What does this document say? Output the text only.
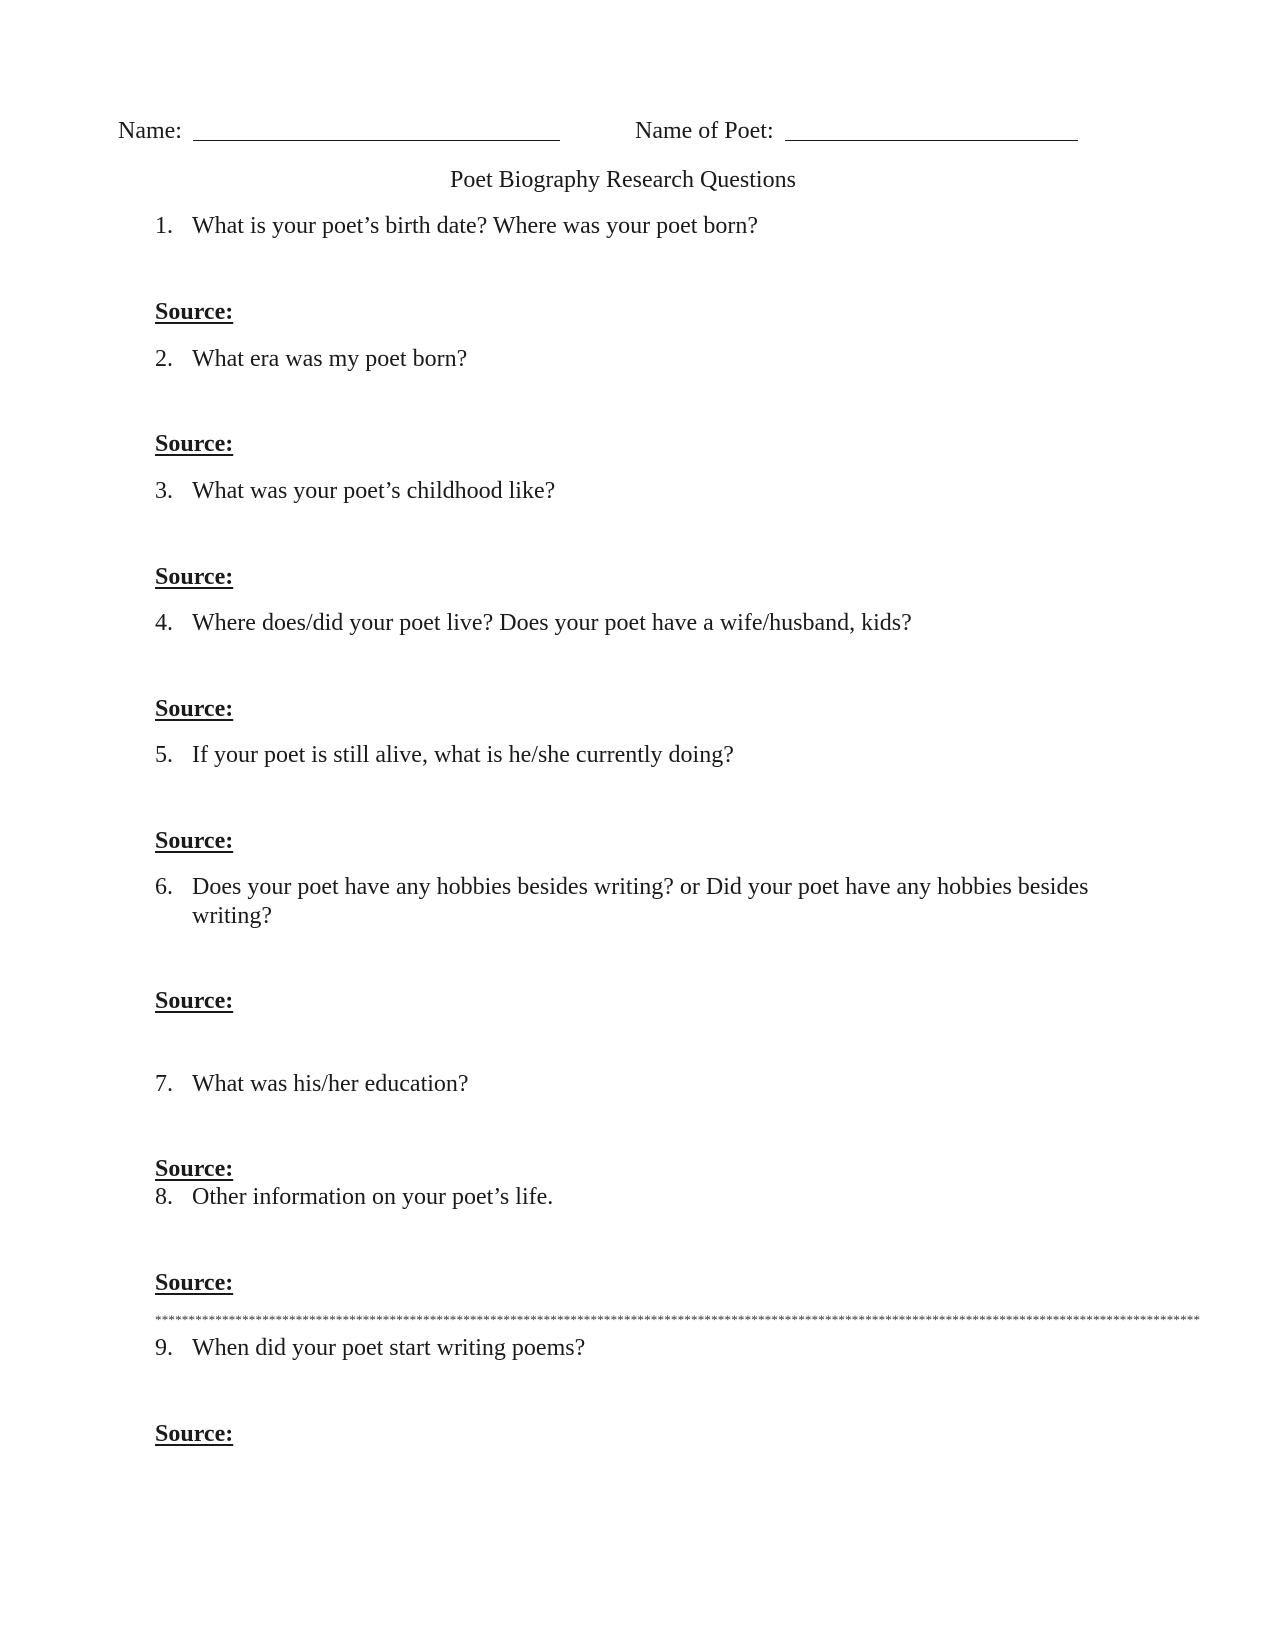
Name:	Name of Poet:
Poet Biography Research Questions
1. What is your poet’s birth date? Where was your poet born?
Source:
2. What era was my poet born?
Source:
3. What was your poet’s childhood like?
Source:
4. Where does/did your poet live? Does your poet have a wife/husband, kids?
Source:
5. If your poet is still alive, what is he/she currently doing?
Source:
6. Does your poet have any hobbies besides writing? or Did your poet have any hobbies besides writing?
Source:
7. What was his/her education?
Source:
8. Other information on your poet’s life.
Source:
************************************************************************************************************************************************************
9. When did your poet start writing poems?
Source:
